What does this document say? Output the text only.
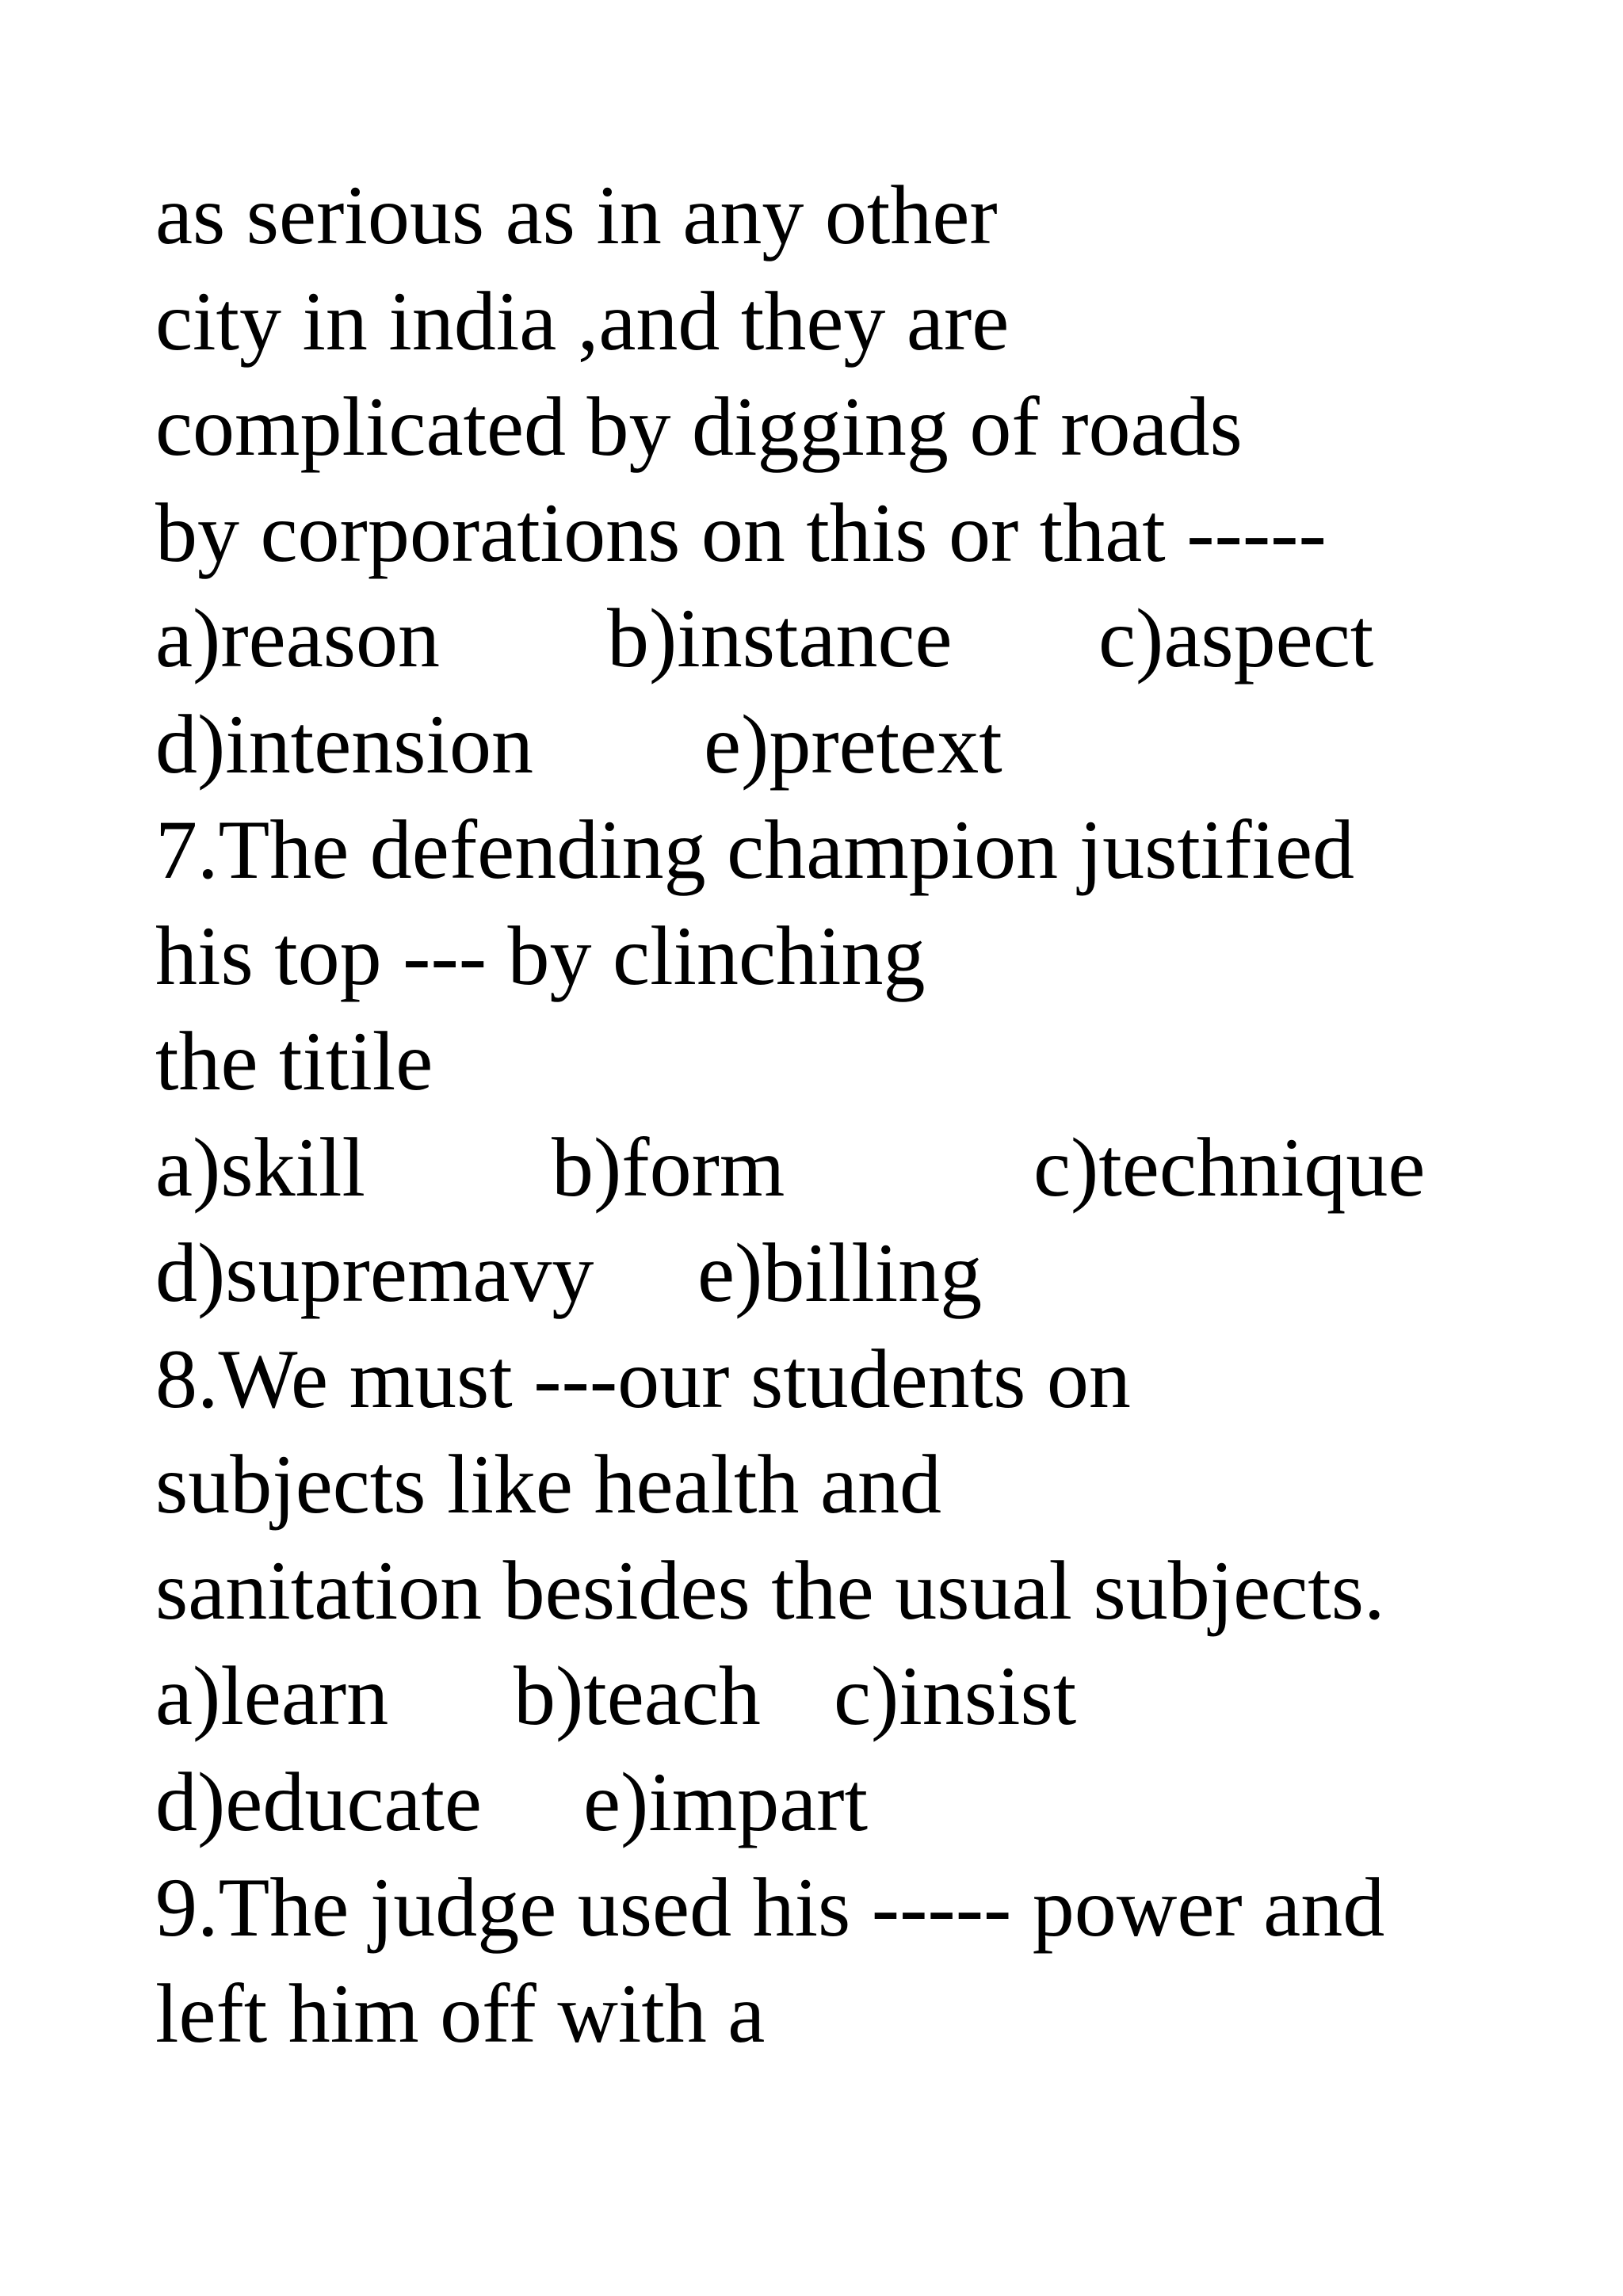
as serious as in any other
city in india ,and they are
complicated by digging of roads
by corporations on this or that -----

a)reason

b)instance

c)aspect

d)intension

e)pretext

7.The defending champion justified
his top --- by clinching
the titile

a)skill

b)form

	c)technique

d)supremavy

e)billing

8.We must ---our students on
subjects like health and
sanitation besides the usual subjects.

a)learn

b)teach

c)insist

d)educate

e)impart

9.The judge used his ----- power and
left him off with a
